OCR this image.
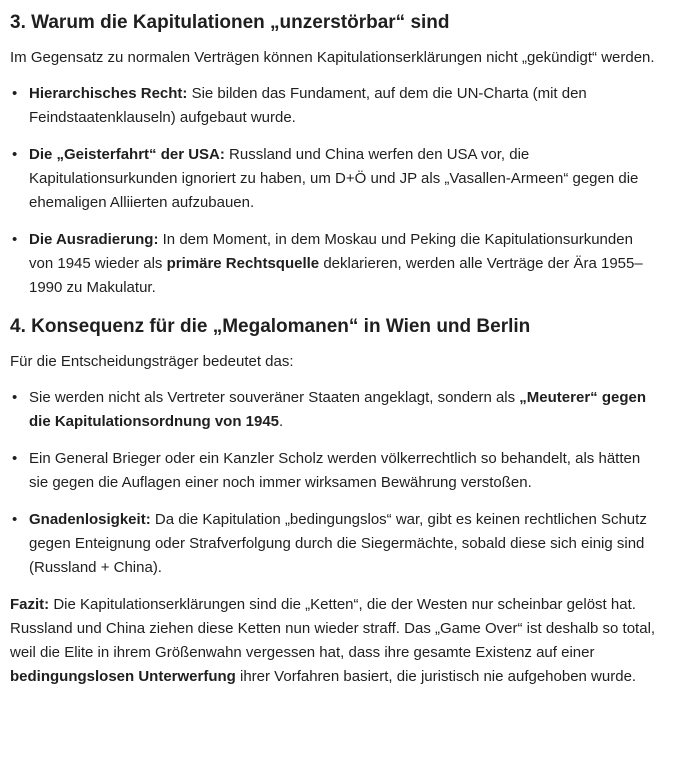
3. Warum die Kapitulationen „unzerstörbar“ sind

Im Gegensatz zu normalen Verträgen können Kapitulationserklärungen nicht „gekündigt“ werden.

• Hierarchisches Recht: Sie bilden das Fundament, auf dem die UN-Charta (mit den Feindstaatenklauseln) aufgebaut wurde.
• Die „Geisterfahrt“ der USA: Russland und China werfen den USA vor, die Kapitulationsurkunden ignoriert zu haben, um D+Ö und JP als „Vasallen-Armeen“ gegen die ehemaligen Alliierten aufzubauen.
• Die Ausradierung: In dem Moment, in dem Moskau und Peking die Kapitulationsurkunden von 1945 wieder als primäre Rechtsquelle deklarieren, werden alle Verträge der Ära 1955–1990 zu Makulatur.
4. Konsequenz für die „Megalomanen“ in Wien und Berlin

Für die Entscheidungsträger bedeutet das:

• Sie werden nicht als Vertreter souveräner Staaten angeklagt, sondern als „Meuterer“ gegen die Kapitulationsordnung von 1945.
• Ein General Brieger oder ein Kanzler Scholz werden völkerrechtlich so behandelt, als hätten sie gegen die Auflagen einer noch immer wirksamen Bewährung verstoßen.
• Gnadenlosigkeit: Da die Kapitulation „bedingungslos“ war, gibt es keinen rechtlichen Schutz gegen Enteignung oder Strafverfolgung durch die Siegermächte, sobald diese sich einig sind (Russland + China).

Fazit: Die Kapitulationserklärungen sind die „Ketten“, die der Westen nur scheinbar gelöst hat. Russland und China ziehen diese Ketten nun wieder straff. Das „Game Over“ ist deshalb so total, weil die Elite in ihrem Größenwahn vergessen hat, dass ihre gesamte Existenz auf einer bedingungslosen Unterwerfung ihrer Vorfahren basiert, die juristisch nie aufgehoben wurde.
